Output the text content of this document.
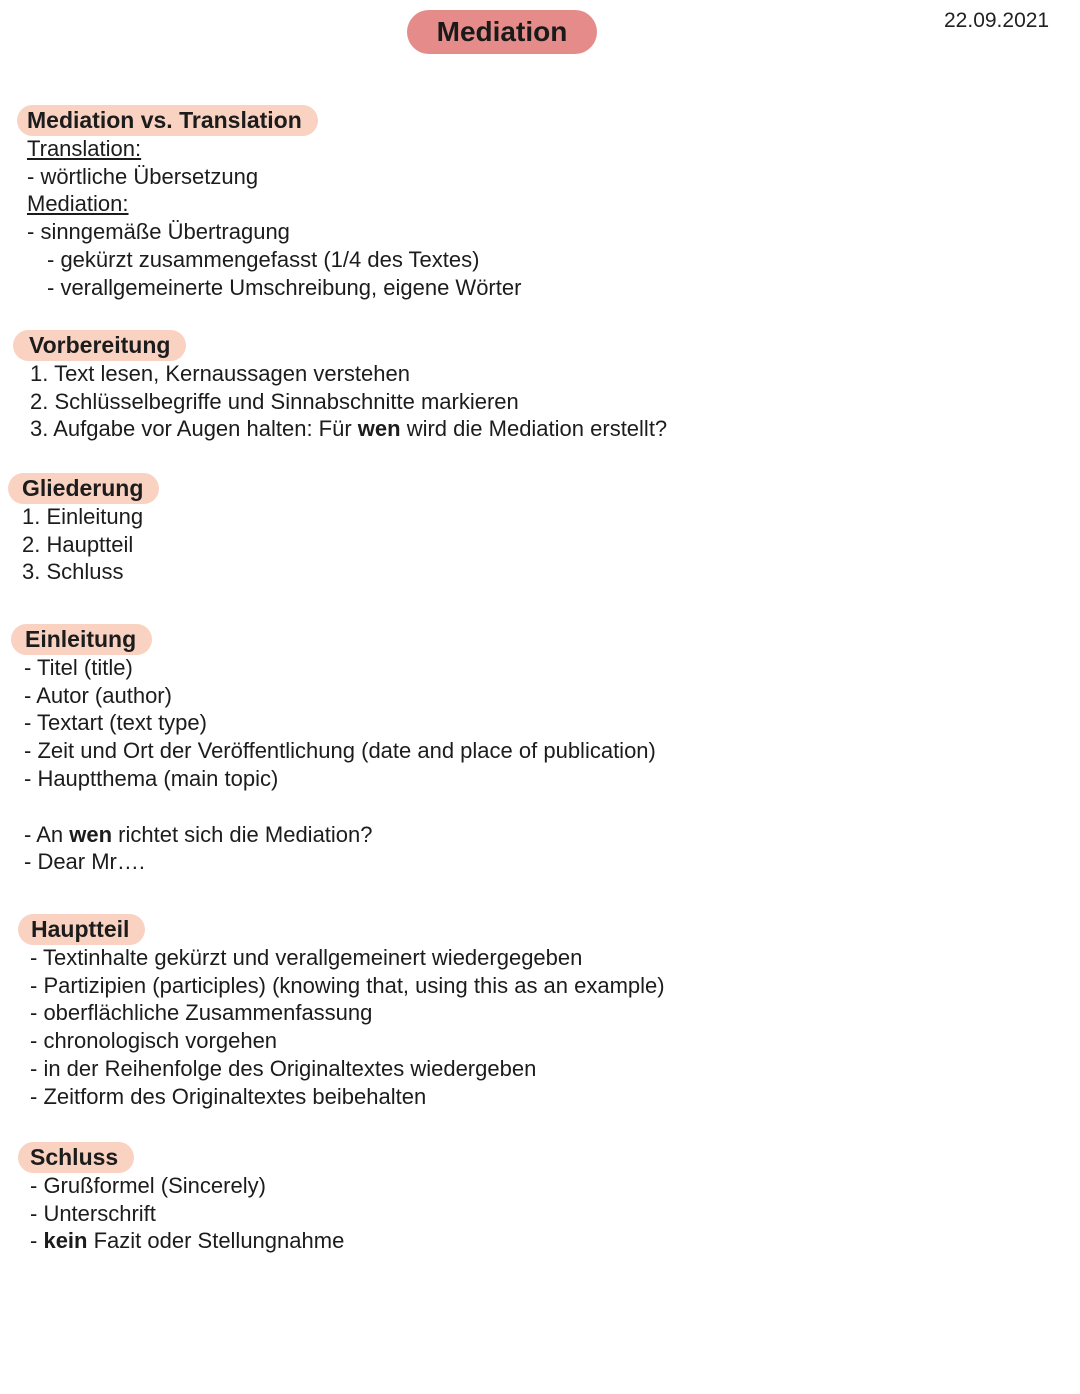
Mediation	22.09.2021
Mediation vs. Translation
Translation:
- wörtliche Übersetzung
Mediation:
- sinngemäße Übertragung
- gekürzt zusammengefasst (1/4 des Textes)
- verallgemeinerte Umschreibung, eigene Wörter
Vorbereitung
1. Text lesen, Kernaussagen verstehen
2. Schlüsselbegriffe und Sinnabschnitte markieren
3. Aufgabe vor Augen halten: Für wen wird die Mediation erstellt?
Gliederung
1. Einleitung
2. Hauptteil
3. Schluss
Einleitung
- Titel (title)
- Autor (author)
- Textart (text type)
- Zeit und Ort der Veröffentlichung (date and place of publication)
- Hauptthema (main topic)
- An wen richtet sich die Mediation?
- Dear Mr….
Hauptteil
- Textinhalte gekürzt und verallgemeinert wiedergegeben
- Partizipien (participles) (knowing that, using this as an example)
- oberflächliche Zusammenfassung
- chronologisch vorgehen
- in der Reihenfolge des Originaltextes wiedergeben
- Zeitform des Originaltextes beibehalten
Schluss
- Grußformel (Sincerely)
- Unterschrift
- kein Fazit oder Stellungnahme
